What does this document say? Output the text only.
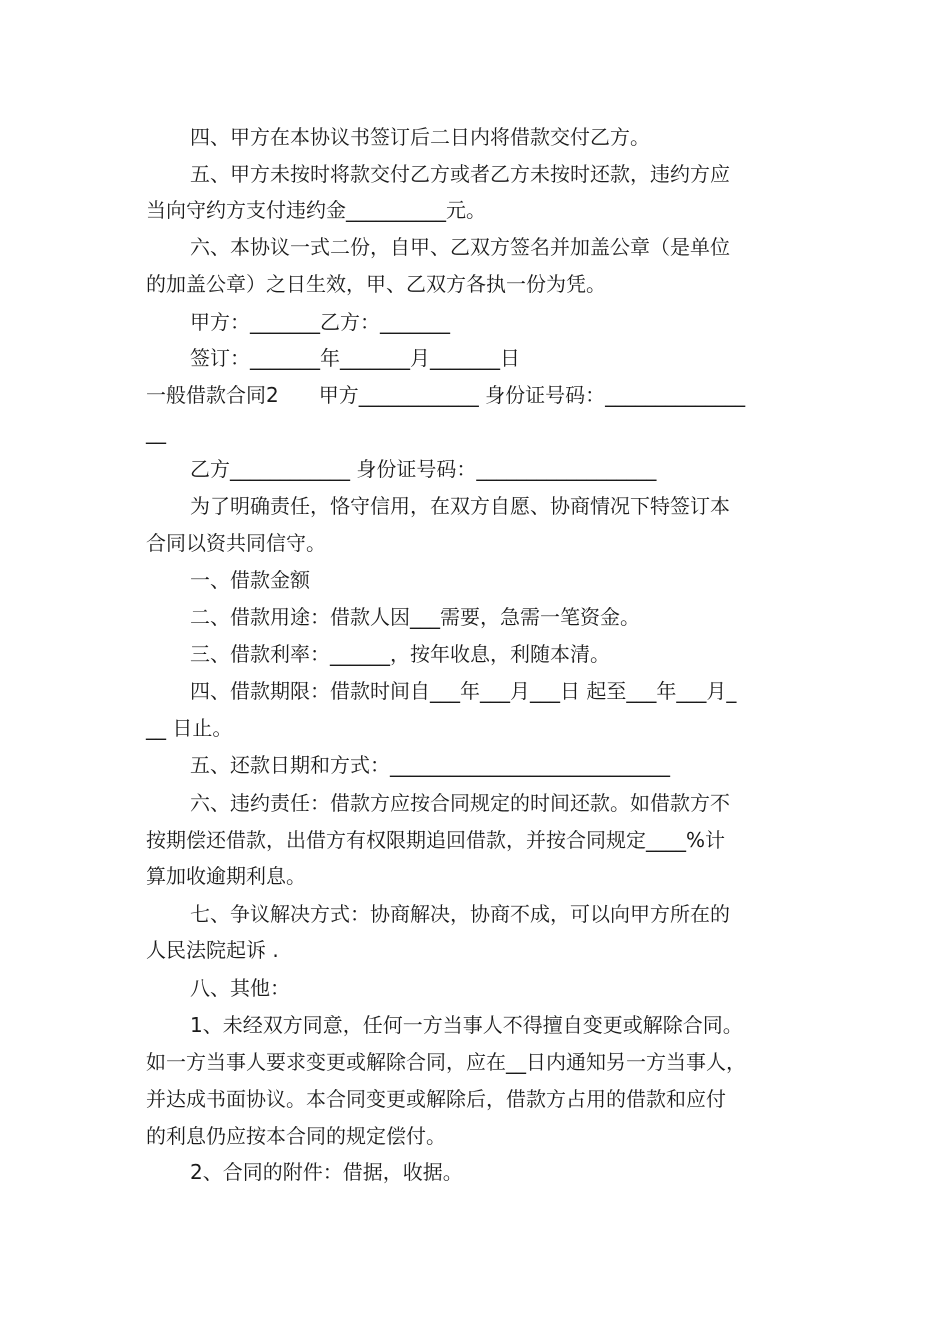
四、甲方在本协议书签订后二日内将借款交付乙方。
五、甲方未按时将款交付乙方或者乙方未按时还款，违约方应
当向守约方支付违约金__________元。
六、本协议一式二份，自甲、乙双方签名并加盖公章（是单位
的加盖公章）之日生效，甲、乙双方各执一份为凭。
甲方：_______乙方：_______
签订：_______年_______月_______日
一般借款合同2　　甲方____________ 身份证号码：______________
__
乙方____________ 身份证号码：__________________
为了明确责任，恪守信用，在双方自愿、协商情况下特签订本
合同以资共同信守。
一、借款金额
二、借款用途：借款人因___需要，急需一笔资金。
三、借款利率：______，按年收息，利随本清。
四、借款期限：借款时间自___年___月___日 起至___年___月_
__ 日止。
五、还款日期和方式：____________________________
六、违约责任：借款方应按合同规定的时间还款。如借款方不
按期偿还借款，出借方有权限期追回借款，并按合同规定____%计
算加收逾期利息。
七、争议解决方式：协商解决，协商不成，可以向甲方所在的
人民法院起诉 .
八、其他：
1、未经双方同意，任何一方当事人不得擅自变更或解除合同。
如一方当事人要求变更或解除合同，应在__日内通知另一方当事人，
并达成书面协议。本合同变更或解除后，借款方占用的借款和应付
的利息仍应按本合同的规定偿付。
2、合同的附件：借据，收据。
